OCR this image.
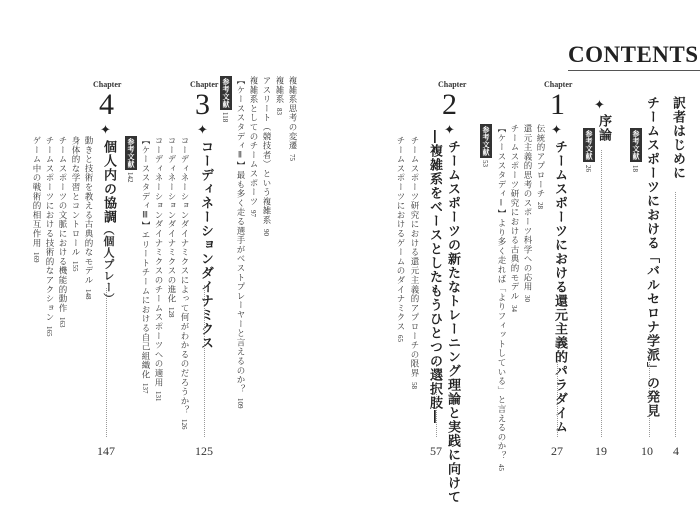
CONTENTS
訳者はじめに
4
チームスポーツにおける「バルセロナ学派」の発見
参考文献
18
10
✦
序論
参考文献
26
19
Chapter
1
✦
チームスポーツにおける還元主義的パラダイム
27
伝統的アプローチ28
還元主義的思考のスポーツ科学への応用30
チームスポーツ研究における古典的モデル34
【ケーススタディⅠ】より多く走れば「よりフィットしている」と言えるのか？45
参考文献
53
Chapter
2
✦
チームスポーツの新たなトレーニング理論と実践に向けて
―複雑系をベースとしたもうひとつの選択肢―
57
チームスポーツ研究における還元主義的アプローチの限界58
チームスポーツにおけるゲームのダイナミクス65
Chapter
3
✦
コーディネーションダイナミクス
125
複雑系思考の変遷75
複雑系83
アスリート（競技者）という複雑系90
複雑系としてのチームスポーツ97
【ケーススタディⅡ】最も多く走る選手がベストプレーヤーと言えるのか？109
参考文献
118
コーディネーションダイナミクスによって何がわかるのだろうか？126
コーディネーションダイナミクスの進化128
コーディネーションダイナミクスのチームスポーツへの適用131
【ケーススタディⅢ】エリートチームにおける自己組織化137
参考文献
142
Chapter
4
✦
個人内の協調（個人プレー）
147
動きと技術を教える古典的なモデル148
身体的な学習とコントロール155
チームスポーツの文脈における機能的動作163
チームスポーツにおける技術的なアクション165
ゲーム中の戦術的相互作用169
